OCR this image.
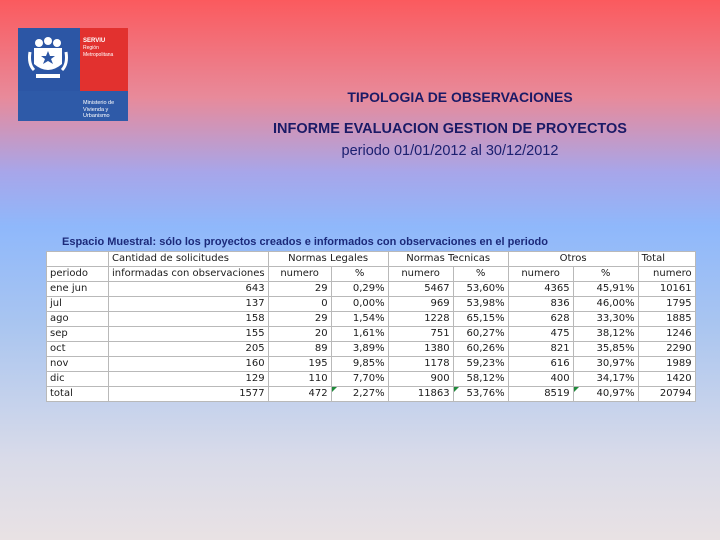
SERVIU
Región Metropolitana
Ministerio de Vivienda y Urbanismo
TIPOLOGIA DE OBSERVACIONES
INFORME EVALUACION GESTION DE PROYECTOS
periodo 01/01/2012 al 30/12/2012
Espacio Muestral: sólo los proyectos creados e informados con observaciones en el periodo
	Cantidad de solicitudes	Normas Legales		Normas Tecnicas		Otros		Total
periodo	informadas con observaciones	numero	%	numero	%	numero	%	numero
ene jun	643	29	0,29%	5467	53,60%	4365	45,91%	10161
jul	137	0	0,00%	969	53,98%	836	46,00%	1795
ago	158	29	1,54%	1228	65,15%	628	33,30%	1885
sep	155	20	1,61%	751	60,27%	475	38,12%	1246
oct	205	89	3,89%	1380	60,26%	821	35,85%	2290
nov	160	195	9,85%	1178	59,23%	616	30,97%	1989
dic	129	110	7,70%	900	58,12%	400	34,17%	1420
total	1577	472	2,27%	11863	53,76%	8519	40,97%	20794
